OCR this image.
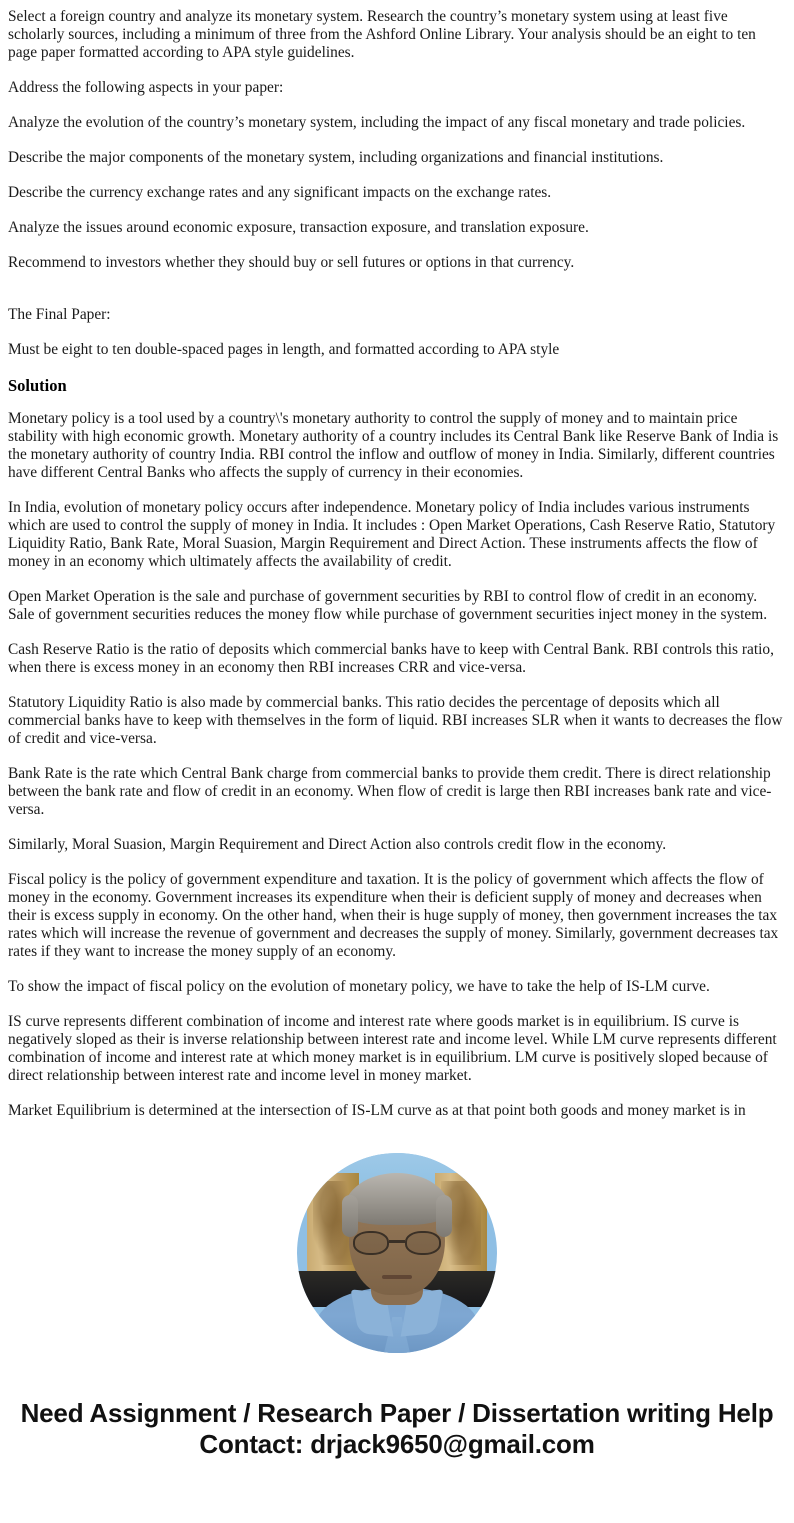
Select a foreign country and analyze its monetary system. Research the country’s monetary system using at least five scholarly sources, including a minimum of three from the Ashford Online Library. Your analysis should be an eight to ten page paper formatted according to APA style guidelines.

Address the following aspects in your paper:

Analyze the evolution of the country’s monetary system, including the impact of any fiscal monetary and trade policies.

Describe the major components of the monetary system, including organizations and financial institutions.

Describe the currency exchange rates and any significant impacts on the exchange rates.

Analyze the issues around economic exposure, transaction exposure, and translation exposure.

Recommend to investors whether they should buy or sell futures or options in that currency.

The Final Paper:

Must be eight to ten double-spaced pages in length, and formatted according to APA style

Solution

Monetary policy is a tool used by a country\'s monetary authority to control the supply of money and to maintain price stability with high economic growth. Monetary authority of a country includes its Central Bank like Reserve Bank of India is the monetary authority of country India. RBI control the inflow and outflow of money in India. Similarly, different countries have different Central Banks who affects the supply of currency in their economies.

In India, evolution of monetary policy occurs after independence. Monetary policy of India includes various instruments which are used to control the supply of money in India. It includes : Open Market Operations, Cash Reserve Ratio, Statutory Liquidity Ratio, Bank Rate, Moral Suasion, Margin Requirement and Direct Action. These instruments affects the flow of money in an economy which ultimately affects the availability of credit.

Open Market Operation is the sale and purchase of government securities by RBI to control flow of credit in an economy. Sale of government securities reduces the money flow while purchase of government securities inject money in the system.

Cash Reserve Ratio is the ratio of deposits which commercial banks have to keep with Central Bank. RBI controls this ratio, when there is excess money in an economy then RBI increases CRR and vice-versa.

Statutory Liquidity Ratio is also made by commercial banks. This ratio decides the percentage of deposits which all commercial banks have to keep with themselves in the form of liquid. RBI increases SLR when it wants to decreases the flow of credit and vice-versa.

Bank Rate is the rate which Central Bank charge from commercial banks to provide them credit. There is direct relationship between the bank rate and flow of credit in an economy. When flow of credit is large then RBI increases bank rate and vice-versa.

Similarly, Moral Suasion, Margin Requirement and Direct Action also controls credit flow in the economy.

Fiscal policy is the policy of government expenditure and taxation. It is the policy of government which affects the flow of money in the economy. Government increases its expenditure when their is deficient supply of money and decreases when their is excess supply in economy. On the other hand, when their is huge supply of money, then government increases the tax rates which will increase the revenue of government and decreases the supply of money. Similarly, government decreases tax rates if they want to increase the money supply of an economy.

To show the impact of fiscal policy on the evolution of monetary policy, we have to take the help of IS-LM curve.

IS curve represents different combination of income and interest rate where goods market is in equilibrium. IS curve is negatively sloped as their is inverse relationship between interest rate and income level. While LM curve represents different combination of income and interest rate at which money market is in equilibrium. LM curve is positively sloped because of direct relationship between interest rate and income level in money market.

Market Equilibrium is determined at the intersection of IS-LM curve as at that point both goods and money market is in

Need Assignment / Research Paper / Dissertation writing Help

Contact: drjack9650@gmail.com
